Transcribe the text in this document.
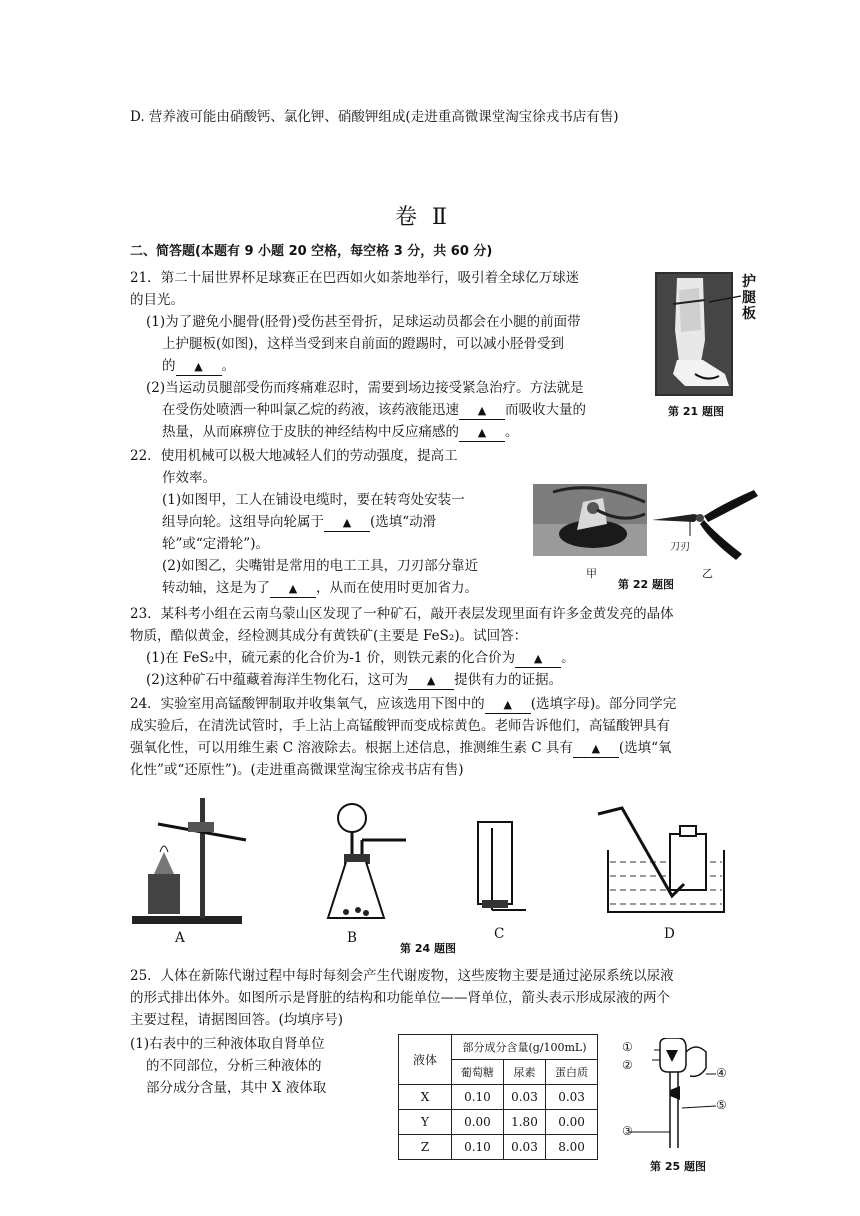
D. 营养液可能由硝酸钙、氯化钾、硝酸钾组成(走进重高微课堂淘宝徐戎书店有售)
卷 Ⅱ
二、简答题(本题有 9 小题 20 空格，每空格 3 分，共 60 分)
21．第二十届世界杯足球赛正在巴西如火如荼地举行，吸引着全球亿万球迷
的目光。
(1)为了避免小腿骨(胫骨)受伤甚至骨折，足球运动员都会在小腿的前面带
上护腿板(如图)，这样当受到来自前面的蹬踢时，可以减小胫骨受到
的 ▲ 。
(2)当运动员腿部受伤而疼痛难忍时，需要到场边接受紧急治疗。方法就是
在受伤处喷洒一种叫氯乙烷的药液，该药液能迅速 ▲ 而吸收大量的
热量，从而麻痹位于皮肤的神经结构中反应痛感的 ▲ 。
护腿板
第 21 题图
22．使用机械可以极大地减轻人们的劳动强度，提高工
作效率。
(1)如图甲，工人在铺设电缆时，要在转弯处安装一
组导向轮。这组导向轮属于 ▲ (选填“动滑
轮”或“定滑轮”)。
(2)如图乙，尖嘴钳是常用的电工工具，刀刃部分靠近
转动轴，这是为了 ▲ ，从而在使用时更加省力。
甲
刀刃
乙
第 22 题图
23．某科考小组在云南乌蒙山区发现了一种矿石，敲开表层发现里面有许多金黄发亮的晶体
物质，酷似黄金，经检测其成分有黄铁矿(主要是 FeS₂)。试回答：
(1)在 FeS₂中，硫元素的化合价为-1 价，则铁元素的化合价为 ▲ 。
(2)这种矿石中蕴藏着海洋生物化石，这可为 ▲ 提供有力的证据。
24．实验室用高锰酸钾制取并收集氧气，应该选用下图中的 ▲ (选填字母)。部分同学完
成实验后，在清洗试管时，手上沾上高锰酸钾而变成棕黄色。老师告诉他们，高锰酸钾具有
强氧化性，可以用维生素 C 溶液除去。根据上述信息，推测维生素 C 具有 ▲ (选填“氧
化性”或“还原性”)。(走进重高微课堂淘宝徐戎书店有售)
A	B	C	D
第 24 题图
25．人体在新陈代谢过程中每时每刻会产生代谢废物，这些废物主要是通过泌尿系统以尿液
的形式排出体外。如图所示是肾脏的结构和功能单位——肾单位，箭头表示形成尿液的两个
主要过程，请据图回答。(均填序号)
(1)右表中的三种液体取自肾单位
的不同部位，分析三种液体的
部分成分含量，其中 X 液体取
液体	部分成分含量(g/100mL)		
	葡萄糖	尿素	蛋白质
X	0.10	0.03	0.03
Y	0.00	1.80	0.00
Z	0.10	0.03	8.00
①
②
③
④
⑤
第 25 题图
